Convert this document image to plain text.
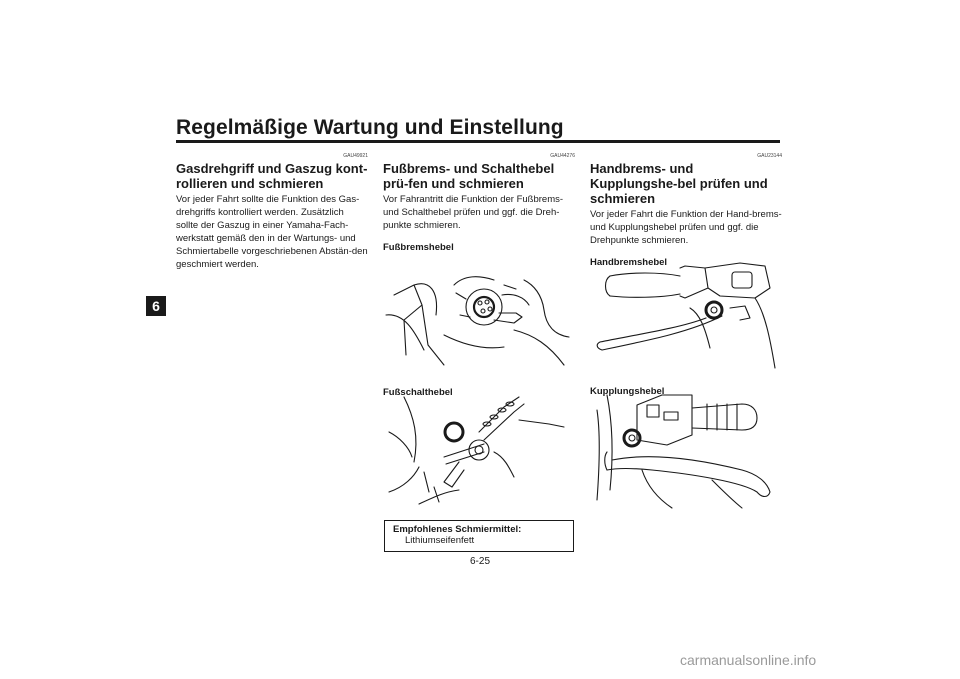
Regelmäßige Wartung und Einstellung
6
GAU49921
Gasdrehgriff und Gaszug kont-rollieren und schmieren
Vor jeder Fahrt sollte die Funktion des Gas-drehgriffs kontrolliert werden. Zusätzlich sollte der Gaszug in einer Yamaha-Fach-werkstatt gemäß den in der Wartungs- und Schmiertabelle vorgeschriebenen Abstän-den geschmiert werden.
GAU44276
Fußbrems- und Schalthebel prü-fen und schmieren
Vor Fahrantritt die Funktion der Fußbrems- und Schalthebel prüfen und ggf. die Dreh-punkte schmieren.
Fußbremshebel
Fußschalthebel
Empfohlenes Schmiermittel:
Lithiumseifenfett
GAU23144
Handbrems- und Kupplungshe-bel prüfen und schmieren
Vor jeder Fahrt die Funktion der Hand-brems- und Kupplungshebel prüfen und ggf. die Drehpunkte schmieren.
Handbremshebel
Kupplungshebel
6-25
carmanualsonline.info
